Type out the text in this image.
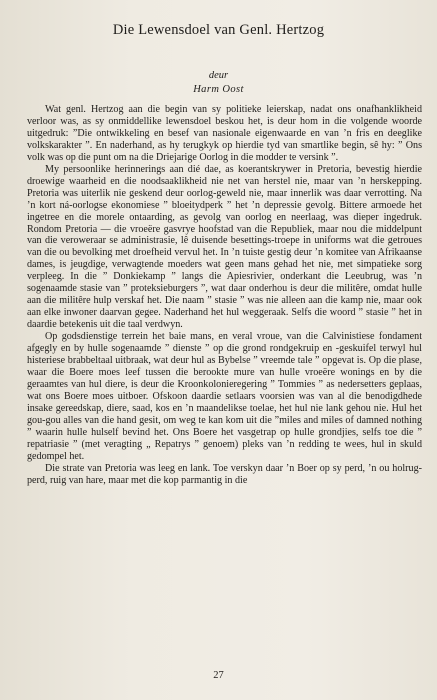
Die Lewensdoel van Genl. Hertzog
deur
Harm Oost

Wat genl. Hertzog aan die begin van sy politieke leierskap, nadat ons onafhanklikheid verloor was, as sy onmiddellike lewensdoel beskou het, is deur hom in die volgende woorde uitgedruk: ”Die ontwikkeling en besef van nasionale eigenwaarde en van ’n fris en deeglike volkskarakter ”. En naderhand, as hy terugkyk op hierdie tyd van smartlike begin, sê hy: ” Ons volk was op die punt om na die Driejarige Oorlog in die modder te versink ”.

My persoonlike herinnerings aan dié dae, as koerantskrywer in Pretoria, bevestig hierdie droewige waarheid en die noodsaaklikheid nie net van herstel nie, maar van ’n herskepping. Pretoria was uiterlik nie geskend deur oorlog-geweld nie, maar innerlik was daar verrotting. Na ’n kort ná-oorlogse ekonomiese ” bloeitydperk ” het ’n depressie gevolg. Bittere armoede het ingetree en die morele ontaarding, as gevolg van oorlog en neerlaag, was dieper ingedruk. Rondom Pretoria — die vroeëre gasvrye hoofstad van die Republiek, maar nou die middelpunt van die veroweraar se administrasie, lê duisende besettings-troepe in uniforms wat die getroues van die ou bevolking met droefheid vervul het. In ’n tuiste gestig deur ’n komitee van Afrikaanse dames, is jeugdige, verwagtende moeders wat geen mans gehad het nie, met simpatieke sorg verpleeg. In die ” Donkiekamp ” langs die Apiesrivier, onderkant die Leeubrug, was ’n sogenaamde stasie van ” proteksieburgers ”, wat daar onderhou is deur die militêre, omdat hulle aan die militêre hulp verskaf het. Die naam ” stasie ” was nie alleen aan die kamp nie, maar ook aan elke inwoner daarvan gegee. Naderhand het hul weggeraak. Selfs die woord ” stasie ” het in daardie betekenis uit die taal verdwyn.

Op godsdienstige terrein het baie mans, en veral vroue, van die Calvinistiese fondament afgegly en by hulle sogenaamde ” dienste ” op die grond rondgekruip en -geskuifel terwyl hul histeriese brabbeltaal uitbraak, wat deur hul as Bybelse ” vreemde tale ” opgevat is. Op die plase, waar die Boere moes leef tussen die berookte mure van hulle vroeëre wonings en by die geraamtes van hul diere, is deur die Kroonkolonieregering ” Tommies ” as nedersetters geplaas, wat ons Boere moes uitboer. Ofskoon daardie setlaars voorsien was van al die benodigdhede insake gereedskap, diere, saad, kos en ’n maandelikse toelae, het hul nie lank gehou nie. Hul het gou-gou alles van die hand gesit, om weg te kan kom uit die ”miles and miles of damned nothing ” waarin hulle hulself bevind het. Ons Boere het vasgetrap op hulle grondjies, selfs toe die ” repatriasie ” (met veragting „ Repatrys ” genoem) pleks van ’n redding te wees, hul in skuld gedompel het.

Die strate van Pretoria was leeg en lank. Toe verskyn daar ’n Boer op sy perd, ’n ou holrug-perd, ruig van hare, maar met die kop parmantig in die

27
